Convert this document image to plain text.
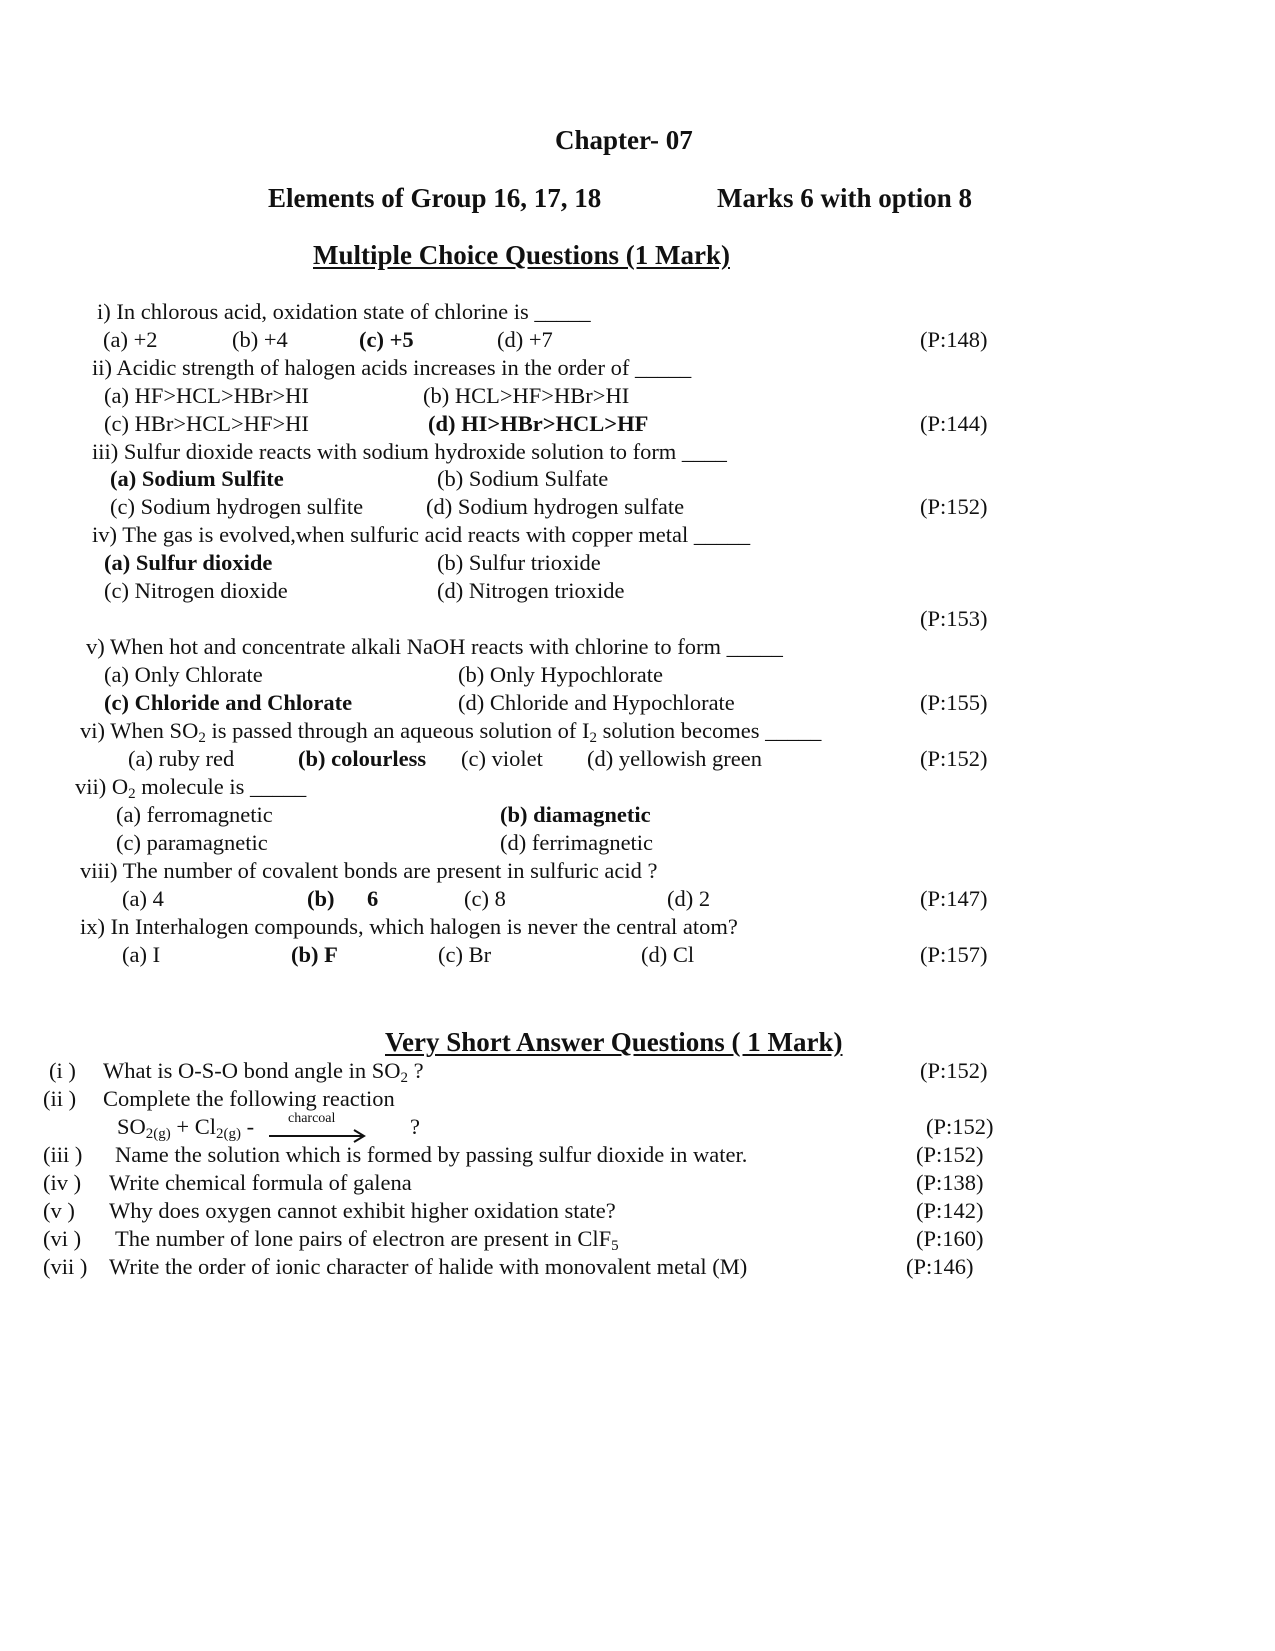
Chapter- 07
Elements of Group 16, 17, 18	Marks 6 with option 8
Multiple Choice Questions (1 Mark)
i) In chlorous acid, oxidation state of chlorine is _____
(a) +2	(b) +4	(c) +5	(d) +7	(P:148)
ii) Acidic strength of halogen acids increases in the order of _____
(a) HF>HCL>HBr>HI	(b) HCL>HF>HBr>HI
(c) HBr>HCL>HF>HI	(d) HI>HBr>HCL>HF	(P:144)
iii) Sulfur dioxide reacts with sodium hydroxide solution to form ____
(a) Sodium Sulfite	(b) Sodium Sulfate
(c) Sodium hydrogen sulfite	(d) Sodium hydrogen sulfate	(P:152)
iv) The gas is evolved,when sulfuric acid reacts with copper metal _____
(a) Sulfur dioxide	(b) Sulfur trioxide
(c) Nitrogen dioxide	(d) Nitrogen trioxide
(P:153)
v) When hot and concentrate alkali NaOH reacts with chlorine to form _____
(a) Only Chlorate	(b) Only Hypochlorate
(c) Chloride and Chlorate	(d) Chloride and Hypochlorate	(P:155)
vi) When $SO_2$ is passed through an aqueous solution of $I_2$ solution becomes _____
(a) ruby red	(b) colourless (c) violet (d) yellowish green	(P:152)
vii) $O_2$ molecule is _____
(a) ferromagnetic	(b) diamagnetic
(c) paramagnetic	(d) ferrimagnetic
viii) The number of covalent bonds are present in sulfuric acid ?
(a) 4	(b) 6	(c) 8	(d) 2	(P:147)
ix) In Interhalogen compounds, which halogen is never the central atom?
(a) I	(b) F	(c) Br	(d) Cl	(P:157)
Very Short Answer Questions ( 1 Mark)
(i ) What is O-S-O bond angle in $SO_2$ ?	(P:152)
(ii ) Complete the following reaction
$SO_{2(g)} + Cl_{2(g)}$ - charcoal	?	(P:152)
(iii ) Name the solution which is formed by passing sulfur dioxide in water.	(P:152)
(iv ) Write chemical formula of galena	(P:138)
(v ) Why does oxygen cannot exhibit higher oxidation state?	(P:142)
(vi ) The number of lone pairs of electron are present in ClF$_5$	(P:160)
(vii ) Write the order of ionic character of halide with monovalent metal (M)	(P:146)
